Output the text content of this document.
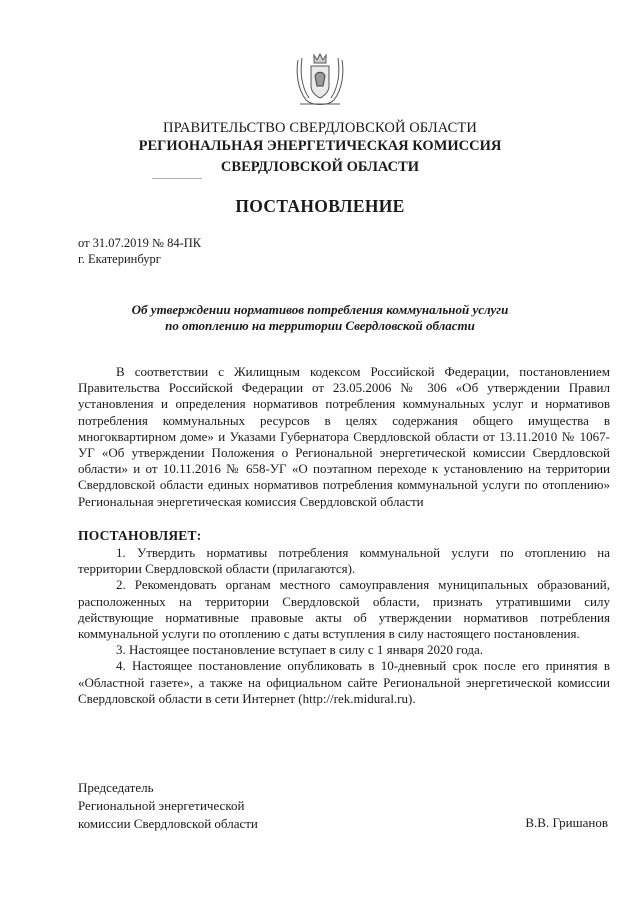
ПРАВИТЕЛЬСТВО СВЕРДЛОВСКОЙ ОБЛАСТИ
РЕГИОНАЛЬНАЯ ЭНЕРГЕТИЧЕСКАЯ КОМИССИЯ
СВЕРДЛОВСКОЙ ОБЛАСТИ
ПОСТАНОВЛЕНИЕ
от 31.07.2019 № 84-ПК
г. Екатеринбург
Об утверждении нормативов потребления коммунальной услуги
по отоплению на территории Свердловской области
В соответствии с Жилищным кодексом Российской Федерации, постановлением Правительства Российской Федерации от 23.05.2006 № 306 «Об утверждении Правил установления и определения нормативов потребления коммунальных услуг и нормативов потребления коммунальных ресурсов в целях содержания общего имущества в многоквартирном доме» и Указами Губернатора Свердловской области от 13.11.2010 № 1067-УГ «Об утверждении Положения о Региональной энергетической комиссии Свердловской области» и от 10.11.2016 № 658-УГ «О поэтапном переходе к установлению на территории Свердловской области единых нормативов потребления коммунальной услуги по отоплению» Региональная энергетическая комиссия Свердловской области
ПОСТАНОВЛЯЕТ:
1. Утвердить нормативы потребления коммунальной услуги по отоплению на территории Свердловской области (прилагаются).
2. Рекомендовать органам местного самоуправления муниципальных образований, расположенных на территории Свердловской области, признать утратившими силу действующие нормативные правовые акты об утверждении нормативов потребления коммунальной услуги по отоплению с даты вступления в силу настоящего постановления.
3. Настоящее постановление вступает в силу с 1 января 2020 года.
4. Настоящее постановление опубликовать в 10-дневный срок после его принятия в «Областной газете», а также на официальном сайте Региональной энергетической комиссии Свердловской области в сети Интернет (http://rek.midural.ru).
Председатель
Региональной энергетической
комиссии Свердловской области	В.В. Гришанов
